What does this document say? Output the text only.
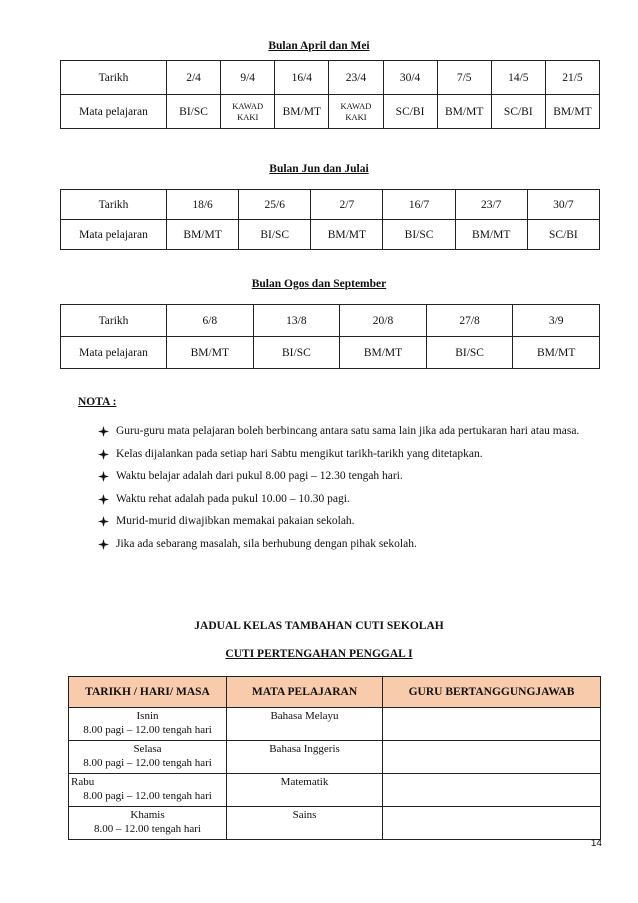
Bulan April dan Mei
Tarikh	2/4	9/4	16/4	23/4	30/4	7/5	14/5	21/5
Mata pelajaran	BI/SC	KAWAD KAKI	BM/MT	KAWAD KAKI	SC/BI	BM/MT	SC/BI	BM/MT
Bulan Jun dan Julai
Tarikh	18/6	25/6	2/7	16/7	23/7	30/7
Mata pelajaran	BM/MT	BI/SC	BM/MT	BI/SC	BM/MT	SC/BI
Bulan Ogos dan September
Tarikh	6/8	13/8	20/8	27/8	3/9
Mata pelajaran	BM/MT	BI/SC	BM/MT	BI/SC	BM/MT
NOTA :
Guru-guru mata pelajaran boleh berbincang antara satu sama lain jika ada pertukaran hari atau masa.
Kelas dijalankan pada setiap hari Sabtu mengikut tarikh-tarikh yang ditetapkan.
Waktu belajar adalah dari pukul 8.00 pagi – 12.30 tengah hari.
Waktu rehat adalah pada pukul 10.00 – 10.30 pagi.
Murid-murid diwajibkan memakai pakaian sekolah.
Jika ada sebarang masalah, sila berhubung dengan pihak sekolah.
JADUAL KELAS TAMBAHAN CUTI SEKOLAH
CUTI PERTENGAHAN PENGGAL I
TARIKH / HARI/ MASA	MATA PELAJARAN	GURU BERTANGGUNGJAWAB

Isnin
8.00 pagi – 12.00 tengah hari	Bahasa Melayu	

Selasa
8.00 pagi – 12.00 tengah hari	Bahasa Inggeris	

Rabu
8.00 pagi – 12.00 tengah hari	Matematik	

Khamis
8.00 – 12.00 tengah hari	Sains	
14
